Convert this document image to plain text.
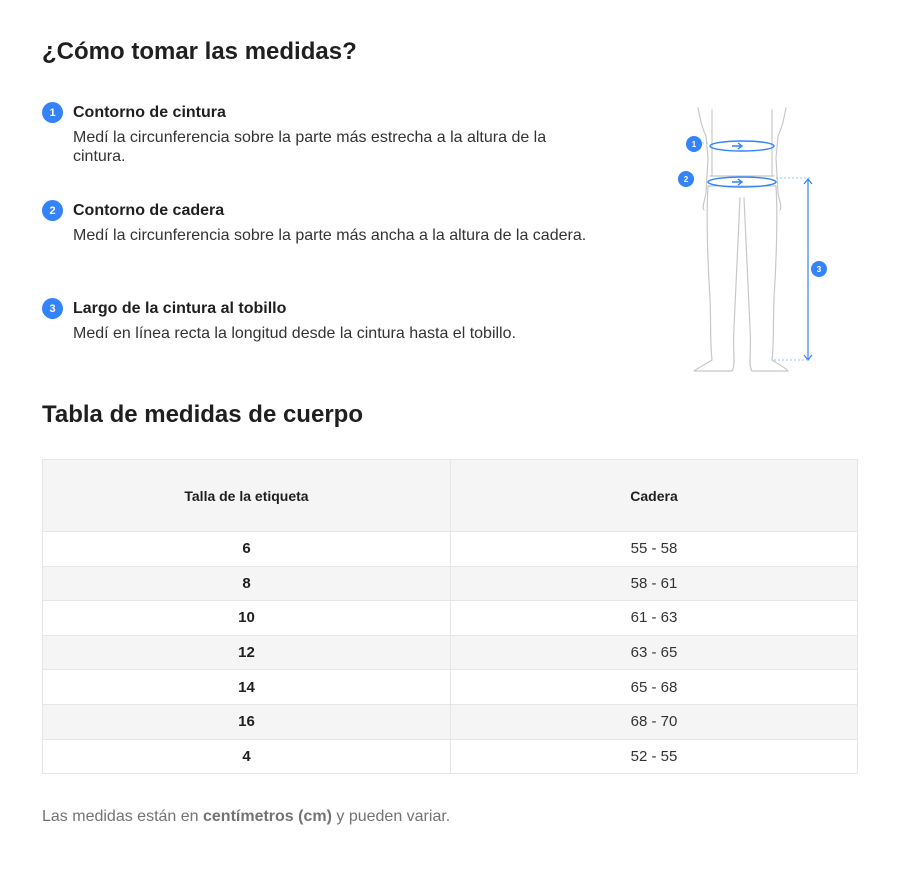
¿Cómo tomar las medidas?
1	Contorno de cintura
Medí la circunferencia sobre la parte más estrecha a la altura de la cintura.
2	Contorno de cadera
Medí la circunferencia sobre la parte más ancha a la altura de la cadera.
3	Largo de la cintura al tobillo
Medí en línea recta la longitud desde la cintura hasta el tobillo.
1
2
3
Tabla de medidas de cuerpo
Talla de la etiqueta	Cadera
6	55 - 58
8	58 - 61
10	61 - 63
12	63 - 65
14	65 - 68
16	68 - 70
4	52 - 55
Las medidas están en centímetros (cm) y pueden variar.
